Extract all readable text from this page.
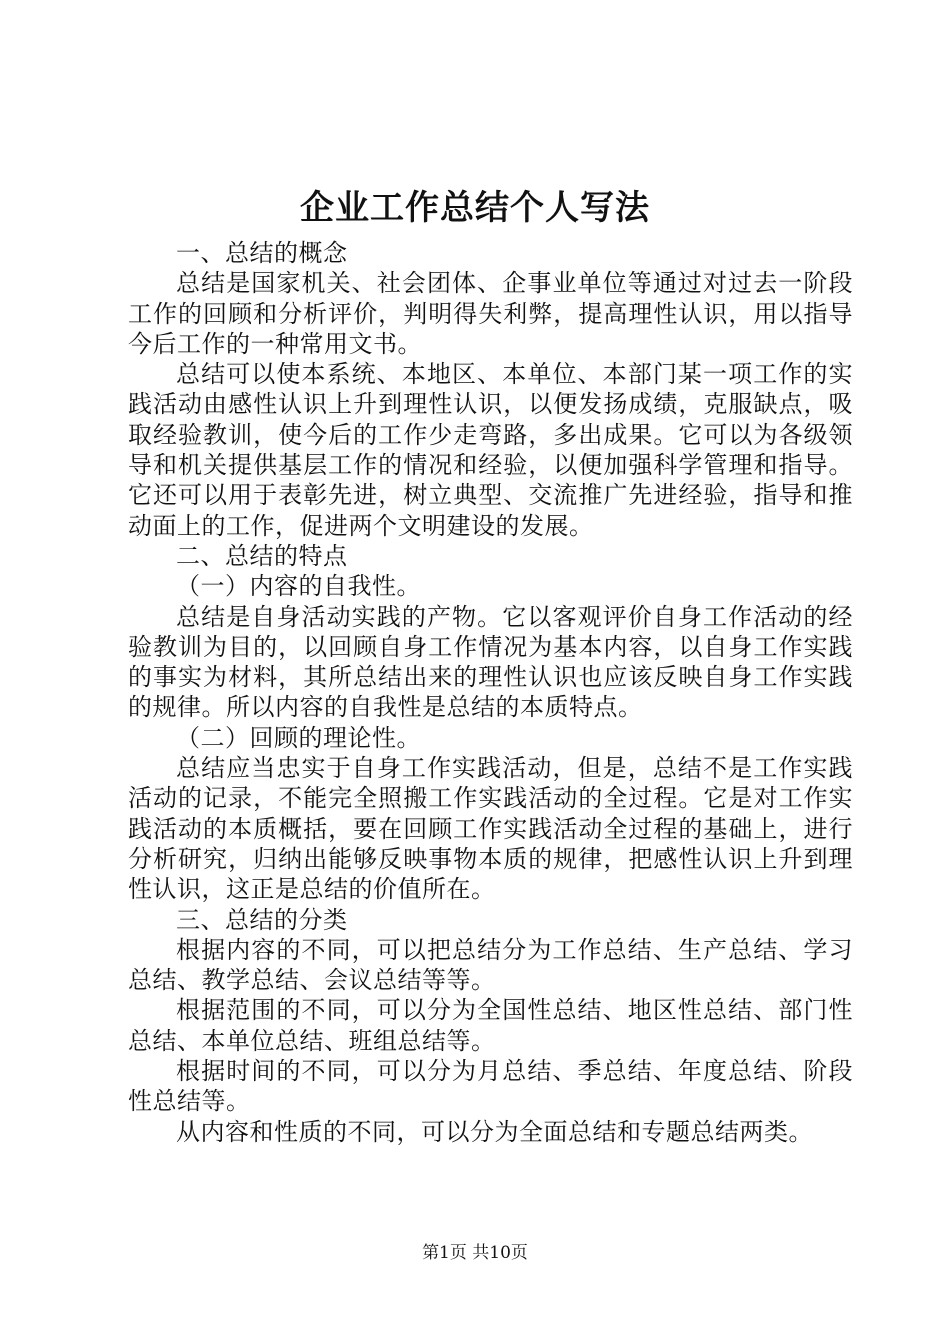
企业工作总结个人写法

一、总结的概念

总结是国家机关、社会团体、企事业单位等通过对过去一阶段工作的回顾和分析评价，判明得失利弊，提高理性认识，用以指导今后工作的一种常用文书。

总结可以使本系统、本地区、本单位、本部门某一项工作的实践活动由感性认识上升到理性认识，以便发扬成绩，克服缺点，吸取经验教训，使今后的工作少走弯路，多出成果。它可以为各级领导和机关提供基层工作的情况和经验，以便加强科学管理和指导。它还可以用于表彰先进，树立典型、交流推广先进经验，指导和推动面上的工作，促进两个文明建设的发展。

二、总结的特点

（一）内容的自我性。

总结是自身活动实践的产物。它以客观评价自身工作活动的经验教训为目的，以回顾自身工作情况为基本内容，以自身工作实践的事实为材料，其所总结出来的理性认识也应该反映自身工作实践的规律。所以内容的自我性是总结的本质特点。

（二）回顾的理论性。

总结应当忠实于自身工作实践活动，但是，总结不是工作实践活动的记录，不能完全照搬工作实践活动的全过程。它是对工作实践活动的本质概括，要在回顾工作实践活动全过程的基础上，进行分析研究，归纳出能够反映事物本质的规律，把感性认识上升到理性认识，这正是总结的价值所在。

三、总结的分类

根据内容的不同，可以把总结分为工作总结、生产总结、学习总结、教学总结、会议总结等等。

根据范围的不同，可以分为全国性总结、地区性总结、部门性总结、本单位总结、班组总结等。

根据时间的不同，可以分为月总结、季总结、年度总结、阶段性总结等。

从内容和性质的不同，可以分为全面总结和专题总结两类。

第1页 共10页
